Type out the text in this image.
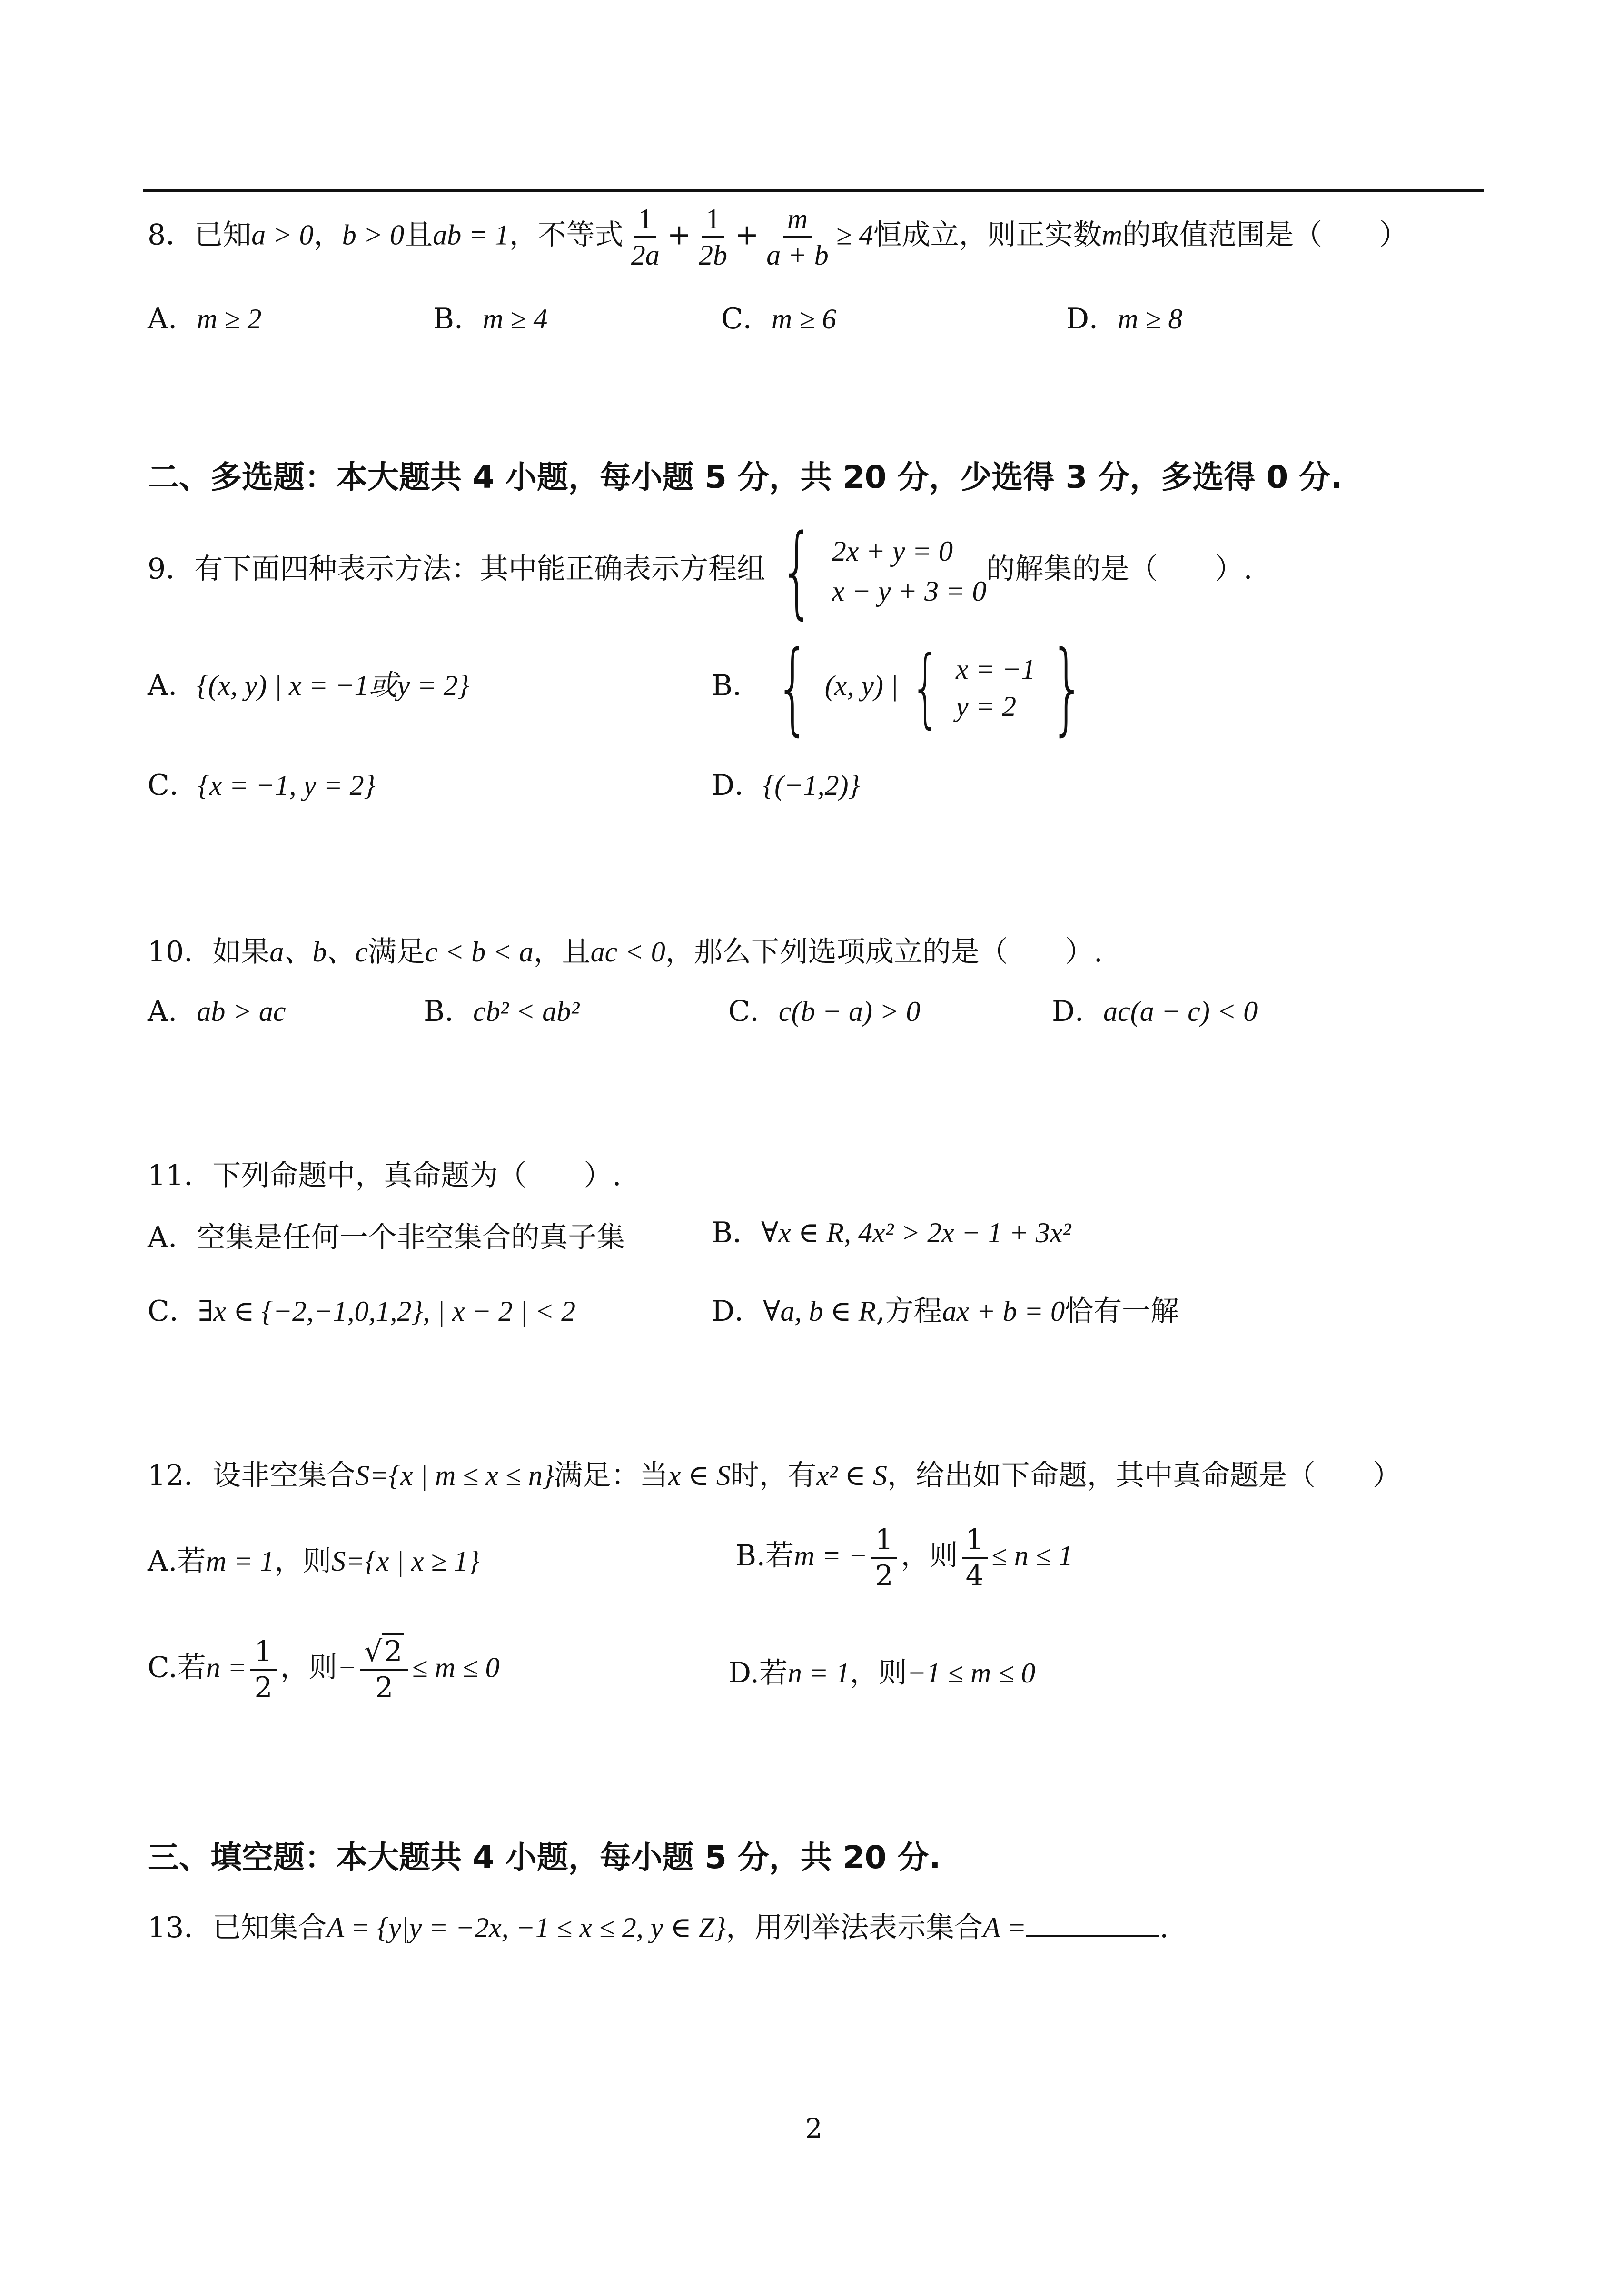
8．已知a > 0，b > 0且ab = 1，不等式 $\frac{1}{2a} + \frac{1}{2b} + \frac{m}{a + b} \ge 4$恒成立，则正实数m的取值范围是（　　）
A．m ≥ 2	B．m ≥ 4	C．m ≥ 6	D．m ≥ 8
二、多选题：本大题共 4 小题，每小题 5 分，共 20 分，少选得 3 分，多选得 0 分.
9．有下面四种表示方法：其中能正确表示方程组 { 2x + y = 0
x − y + 3 = 0
的解集的是（　　）.
A．{(x, y) | x = −1或y = 2}	B． { (x, y) | { x = −1
y = 2 }
C．{x = −1, y = 2}	D．{(−1,2)}
10．如果a、b、c满足c < b < a，且ac < 0，那么下列选项成立的是（　　）.
A．ab > ac	B．cb² < ab²	C．c(b − a) > 0	D．ac(a − c) < 0
11．下列命题中，真命题为（　　）.
A．空集是任何一个非空集合的真子集	B．∀x ∈ R, 4x² > 2x − 1 + 3x²
C．∃x ∈ {−2,−1,0,1,2}, | x − 2 | < 2	D．∀a, b ∈ R,方程ax + b = 0恰有一解
12．设非空集合S={x | m ≤ x ≤ n}满足：当x ∈ S时，有x² ∈ S，给出如下命题，其中真命题是（　　）
A.若m = 1，则S={x | x ≥ 1}	B.若m = − $\frac{1}{2}$ ，则 $\frac{1}{4} \le n \le 1$
C.若$n = \frac{1}{2}$ ，则− $\frac{√2}{2} \le m \le 0$	D.若n = 1，则−1 ≤ m ≤ 0
三、填空题：本大题共 4 小题，每小题 5 分，共 20 分.
13．已知集合A = {y|y = −2x, −1 ≤ x ≤ 2, y ∈ Z}，用列举法表示集合A =	.
2
